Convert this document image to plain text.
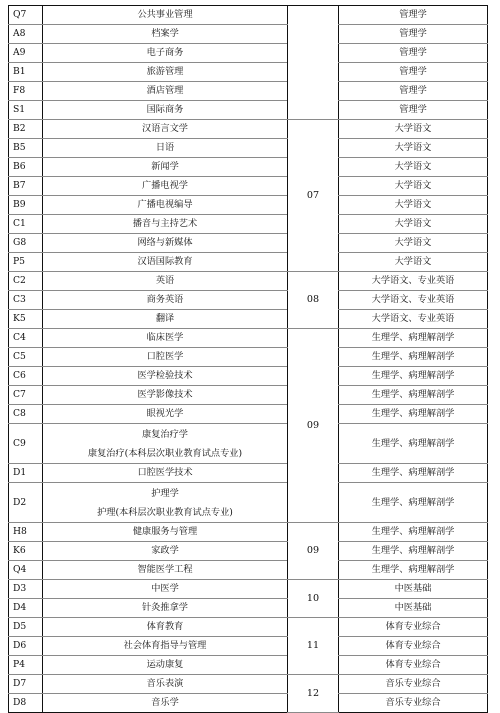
Q7	公共事业管理		管理学
A8	档案学		管理学
A9	电子商务		管理学
B1	旅游管理		管理学
F8	酒店管理		管理学
S1	国际商务		管理学
B2	汉语言文学	07	大学语文
B5	日语		大学语文
B6	新闻学		大学语文
B7	广播电视学		大学语文
B9	广播电视编导		大学语文
C1	播音与主持艺术		大学语文
G8	网络与新媒体		大学语文
P5	汉语国际教育		大学语文
C2	英语	08	大学语文、专业英语
C3	商务英语		大学语文、专业英语
K5	翻译		大学语文、专业英语
C4	临床医学	09	生理学、病理解剖学
C5	口腔医学		生理学、病理解剖学
C6	医学检验技术		生理学、病理解剖学
C7	医学影像技术		生理学、病理解剖学
C8	眼视光学		生理学、病理解剖学
C9	康复治疗学
康复治疗(本科层次职业教育试点专业)		生理学、病理解剖学
D1	口腔医学技术		生理学、病理解剖学
D2	护理学
护理(本科层次职业教育试点专业)		生理学、病理解剖学
H8	健康服务与管理	09	生理学、病理解剖学
K6	家政学		生理学、病理解剖学
Q4	智能医学工程		生理学、病理解剖学
D3	中医学	10	中医基础
D4	针灸推拿学		中医基础
D5	体育教育	11	体育专业综合
D6	社会体育指导与管理		体育专业综合
P4	运动康复		体育专业综合
D7	音乐表演	12	音乐专业综合
D8	音乐学		音乐专业综合
